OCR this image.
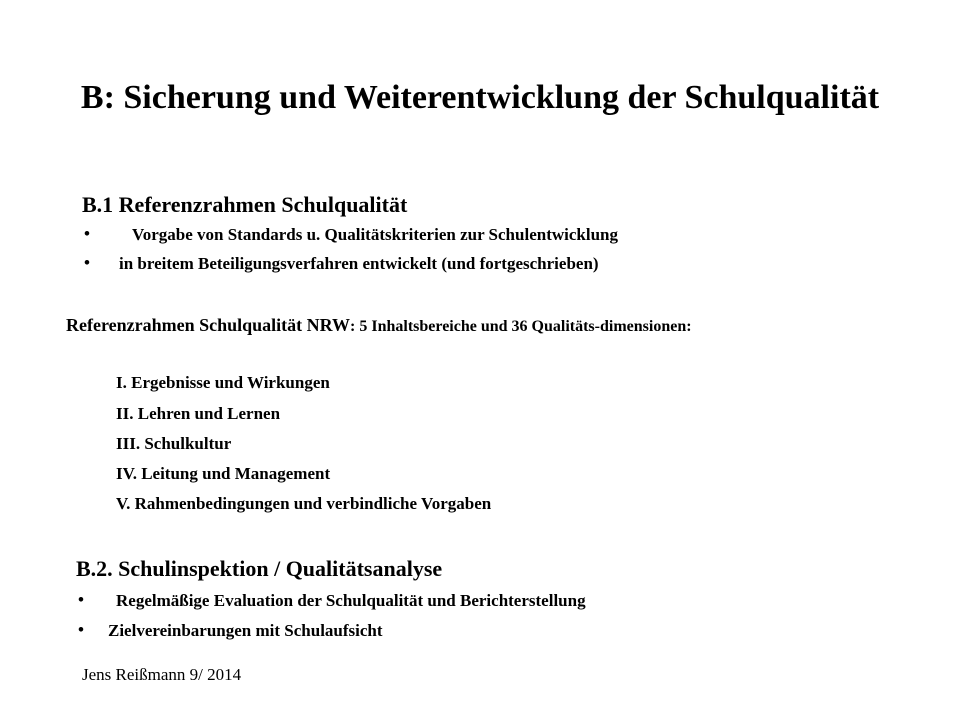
B: Sicherung und Weiterentwicklung der Schulqualität
B.1 Referenzrahmen Schulqualität
• Vorgabe von Standards u. Qualitätskriterien zur Schulentwicklung
• in breitem Beteiligungsverfahren entwickelt (und fortgeschrieben)
Referenzrahmen Schulqualität NRW: 5 Inhaltsbereiche und 36 Qualitäts-dimensionen:
I. Ergebnisse und Wirkungen
II. Lehren und Lernen
III. Schulkultur
IV. Leitung und Management
V. Rahmenbedingungen und verbindliche Vorgaben
B.2. Schulinspektion / Qualitätsanalyse
• Regelmäßige Evaluation der Schulqualität und Berichterstellung
• Zielvereinbarungen mit Schulaufsicht
Jens Reißmann 9/ 2014
